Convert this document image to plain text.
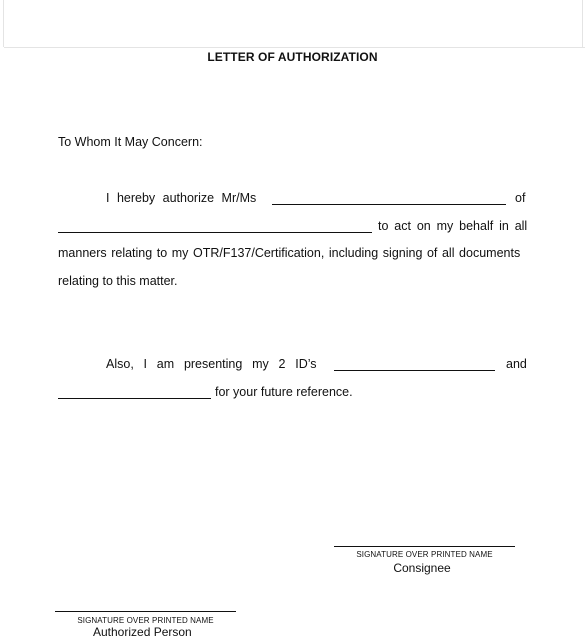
LETTER OF AUTHORIZATION
To Whom It May Concern:
I hereby authorize Mr/Ms	of
to act on my behalf in all
manners relating to my OTR/F137/Certification, including signing of all documents
relating to this matter.
Also, I am presenting my 2 ID’s	and
for your future reference.
SIGNATURE OVER PRINTED NAME
Consignee
SIGNATURE OVER PRINTED NAME
Authorized Person
